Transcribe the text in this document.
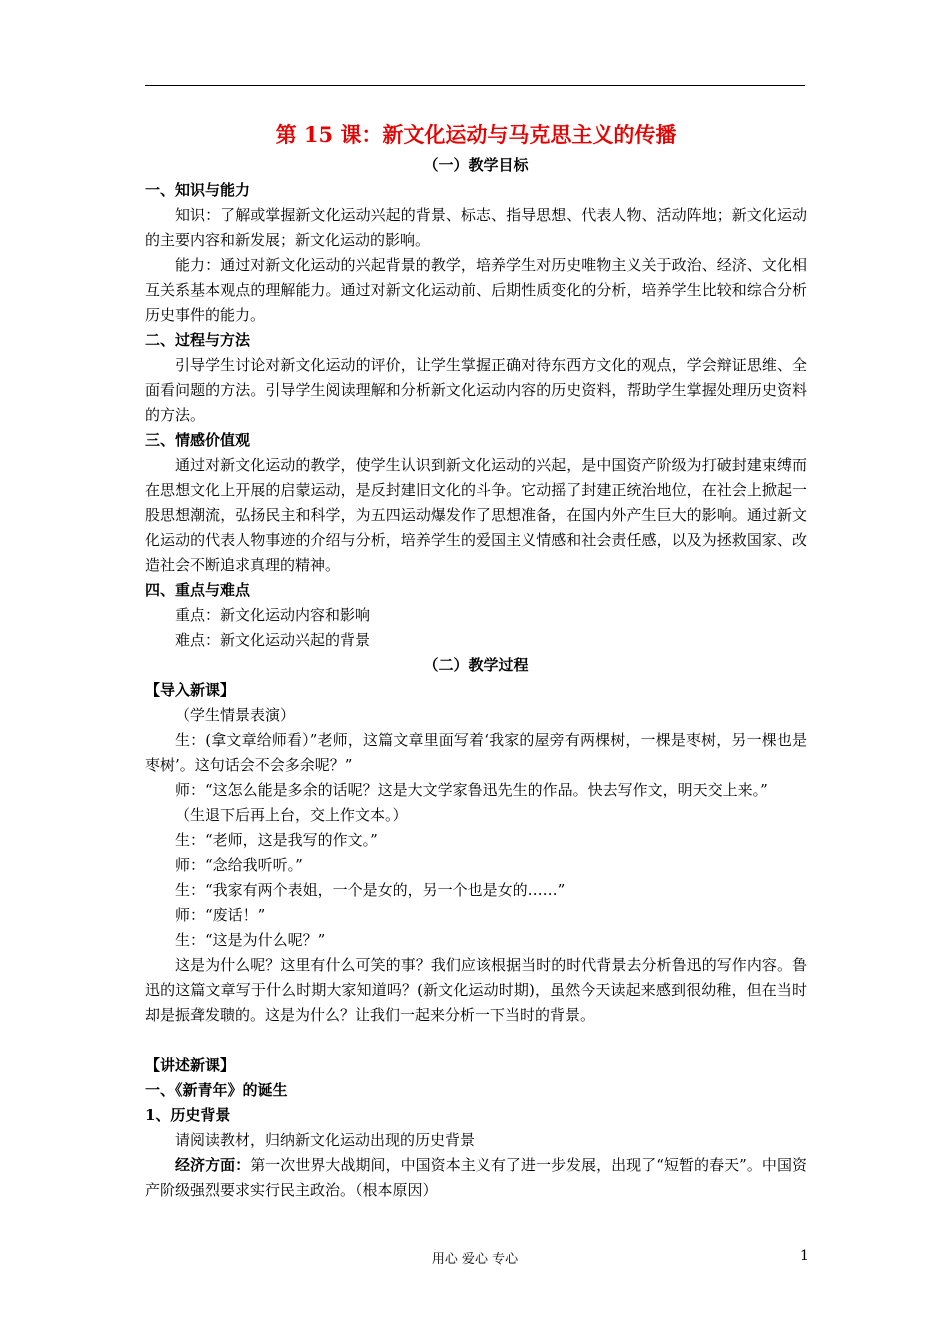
第 15 课：新文化运动与马克思主义的传播
（一）教学目标
一、知识与能力
知识：了解或掌握新文化运动兴起的背景、标志、指导思想、代表人物、活动阵地；新文化运动的主要内容和新发展；新文化运动的影响。
能力：通过对新文化运动的兴起背景的教学，培养学生对历史唯物主义关于政治、经济、文化相互关系基本观点的理解能力。通过对新文化运动前、后期性质变化的分析，培养学生比较和综合分析历史事件的能力。
二、过程与方法
引导学生讨论对新文化运动的评价，让学生掌握正确对待东西方文化的观点，学会辩证思维、全面看问题的方法。引导学生阅读理解和分析新文化运动内容的历史资料，帮助学生掌握处理历史资料的方法。
三、情感价值观
通过对新文化运动的教学，使学生认识到新文化运动的兴起，是中国资产阶级为打破封建束缚而在思想文化上开展的启蒙运动，是反封建旧文化的斗争。它动摇了封建正统治地位，在社会上掀起一股思想潮流，弘扬民主和科学，为五四运动爆发作了思想准备，在国内外产生巨大的影响。通过新文化运动的代表人物事迹的介绍与分析，培养学生的爱国主义情感和社会责任感，以及为拯救国家、改造社会不断追求真理的精神。
四、重点与难点
重点：新文化运动内容和影响
难点：新文化运动兴起的背景
（二）教学过程
【导入新课】
（学生情景表演）
生：(拿文章给师看）”老师，这篇文章里面写着‘我家的屋旁有两棵树，一棵是枣树，另一棵也是枣树’。这句话会不会多余呢？”
师：“这怎么能是多余的话呢？这是大文学家鲁迅先生的作品。快去写作文，明天交上来。”
（生退下后再上台，交上作文本。）
生：“老师，这是我写的作文。”
师：“念给我听听。”
生：“我家有两个表姐，一个是女的，另一个也是女的……”
师：“废话！”
生：“这是为什么呢？”
这是为什么呢？这里有什么可笑的事？我们应该根据当时的时代背景去分析鲁迅的写作内容。鲁迅的这篇文章写于什么时期大家知道吗？(新文化运动时期)，虽然今天读起来感到很幼稚，但在当时却是振聋发聩的。这是为什么？让我们一起来分析一下当时的背景。
【讲述新课】
一、《新青年》的诞生
1、历史背景
请阅读教材，归纳新文化运动出现的历史背景
经济方面：第一次世界大战期间，中国资本主义有了进一步发展，出现了“短暂的春天”。中国资产阶级强烈要求实行民主政治。（根本原因）
用心 爱心 专心	1
